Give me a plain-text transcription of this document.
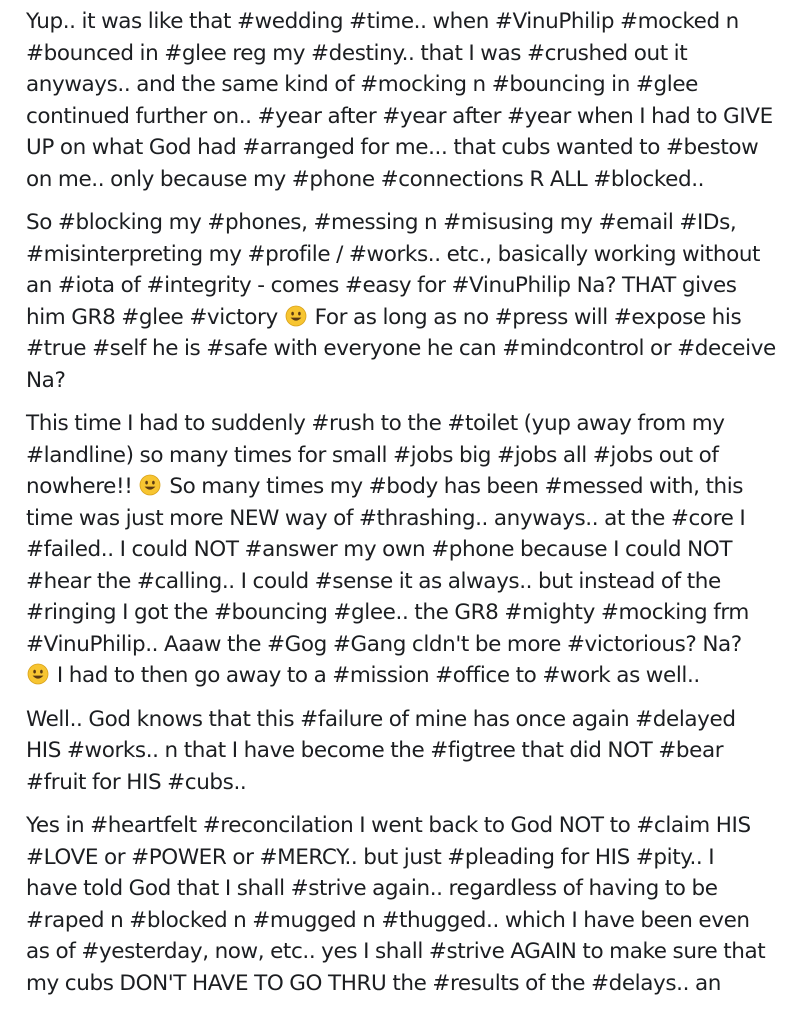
Yup.. it was like that #wedding #time.. when #VinuPhilip #mocked n
#bounced in #glee reg my #destiny.. that I was #crushed out it
anyways.. and the same kind of #mocking n #bouncing in #glee
continued further on.. #year after #year after #year when I had to GIVE
UP on what God had #arranged for me... that cubs wanted to #bestow
on me.. only because my #phone #connections R ALL #blocked..
So #blocking my #phones, #messing n #misusing my #email #IDs,
#misinterpreting my #profile / #works.. etc., basically working without
an #iota of #integrity - comes #easy for #VinuPhilip Na? THAT gives
him GR8 #glee #victory  For as long as no #press will #expose his
#true #self he is #safe with everyone he can #mindcontrol or #deceive
Na?
This time I had to suddenly #rush to the #toilet (yup away from my
#landline) so many times for small #jobs big #jobs all #jobs out of
nowhere!!  So many times my #body has been #messed with, this
time was just more NEW way of #thrashing.. anyways.. at the #core I
#failed.. I could NOT #answer my own #phone because I could NOT
#hear the #calling.. I could #sense it as always.. but instead of the
#ringing I got the #bouncing #glee.. the GR8 #mighty #mocking frm
#VinuPhilip.. Aaaw the #Gog #Gang cldn't be more #victorious? Na?
I had to then go away to a #mission #office to #work as well..
Well.. God knows that this #failure of mine has once again #delayed
HIS #works.. n that I have become the #figtree that did NOT #bear
#fruit for HIS #cubs..
Yes in #heartfelt #reconcilation I went back to God NOT to #claim HIS
#LOVE or #POWER or #MERCY.. but just #pleading for HIS #pity.. I
have told God that I shall #strive again.. regardless of having to be
#raped n #blocked n #mugged n #thugged.. which I have been even
as of #yesterday, now, etc.. yes I shall #strive AGAIN to make sure that
my cubs DON'T HAVE TO GO THRU the #results of the #delays.. an
